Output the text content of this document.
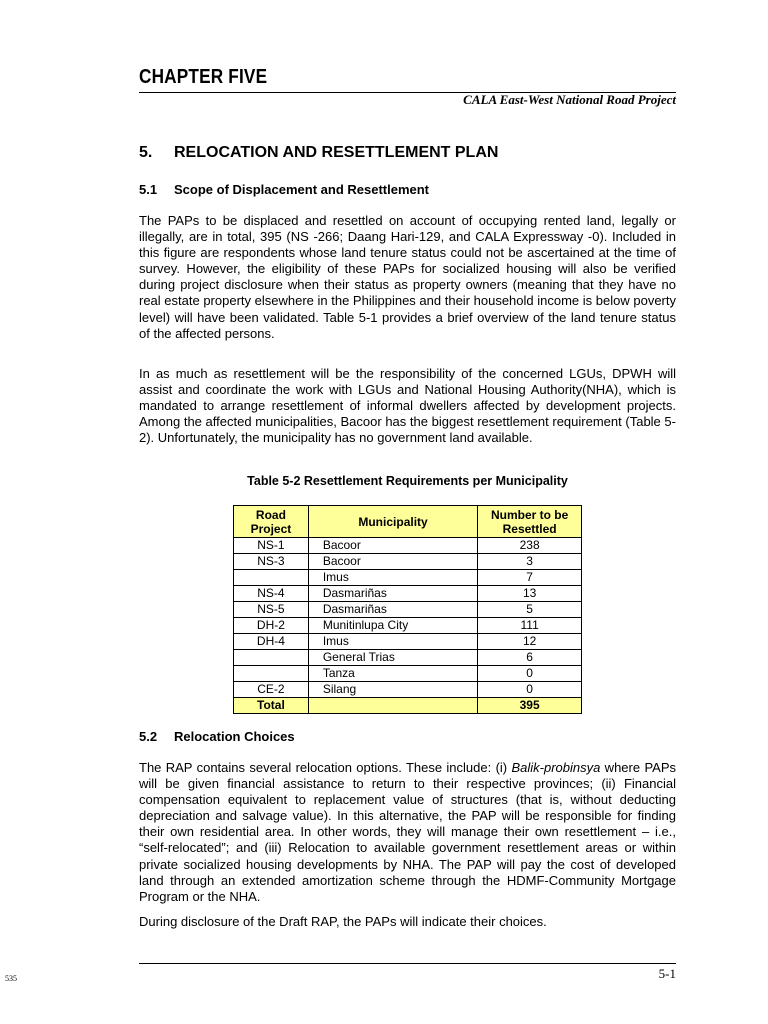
CHAPTER FIVE
CALA East-West National Road Project
5. RELOCATION AND RESETTLEMENT PLAN
5.1 Scope of Displacement and Resettlement

The PAPs to be displaced and resettled on account of occupying rented land, legally or illegally, are in total, 395 (NS -266; Daang Hari-129, and CALA Expressway -0). Included in this figure are respondents whose land tenure status could not be ascertained at the time of survey. However, the eligibility of these PAPs for socialized housing will also be verified during project disclosure when their status as property owners (meaning that they have no real estate property elsewhere in the Philippines and their household income is below poverty level) will have been validated. Table 5-1 provides a brief overview of the land tenure status of the affected persons.

In as much as resettlement will be the responsibility of the concerned LGUs, DPWH will assist and coordinate the work with LGUs and National Housing Authority(NHA), which is mandated to arrange resettlement of informal dwellers affected by development projects. Among the affected municipalities, Bacoor has the biggest resettlement requirement (Table 5-2). Unfortunately, the municipality has no government land available.

Table 5-2 Resettlement Requirements per Municipality
Road Project	Municipality	Number to be Resettled
NS-1	Bacoor	238
NS-3	Bacoor	3
	Imus	7
NS-4	Dasmariñas	13
NS-5	Dasmariñas	5
DH-2	Munitinlupa City	111
DH-4	Imus	12
	General Trias	6
	Tanza	0
CE-2	Silang	0
Total		395
5.2 Relocation Choices

The RAP contains several relocation options. These include: (i) Balik-probinsya where PAPs will be given financial assistance to return to their respective provinces; (ii) Financial compensation equivalent to replacement value of structures (that is, without deducting depreciation and salvage value). In this alternative, the PAP will be responsible for finding their own residential area. In other words, they will manage their own resettlement – i.e., “self-relocated”; and (iii) Relocation to available government resettlement areas or within private socialized housing developments by NHA. The PAP will pay the cost of developed land through an extended amortization scheme through the HDMF-Community Mortgage Program or the NHA.

During disclosure of the Draft RAP, the PAPs will indicate their choices.

5-1
535
